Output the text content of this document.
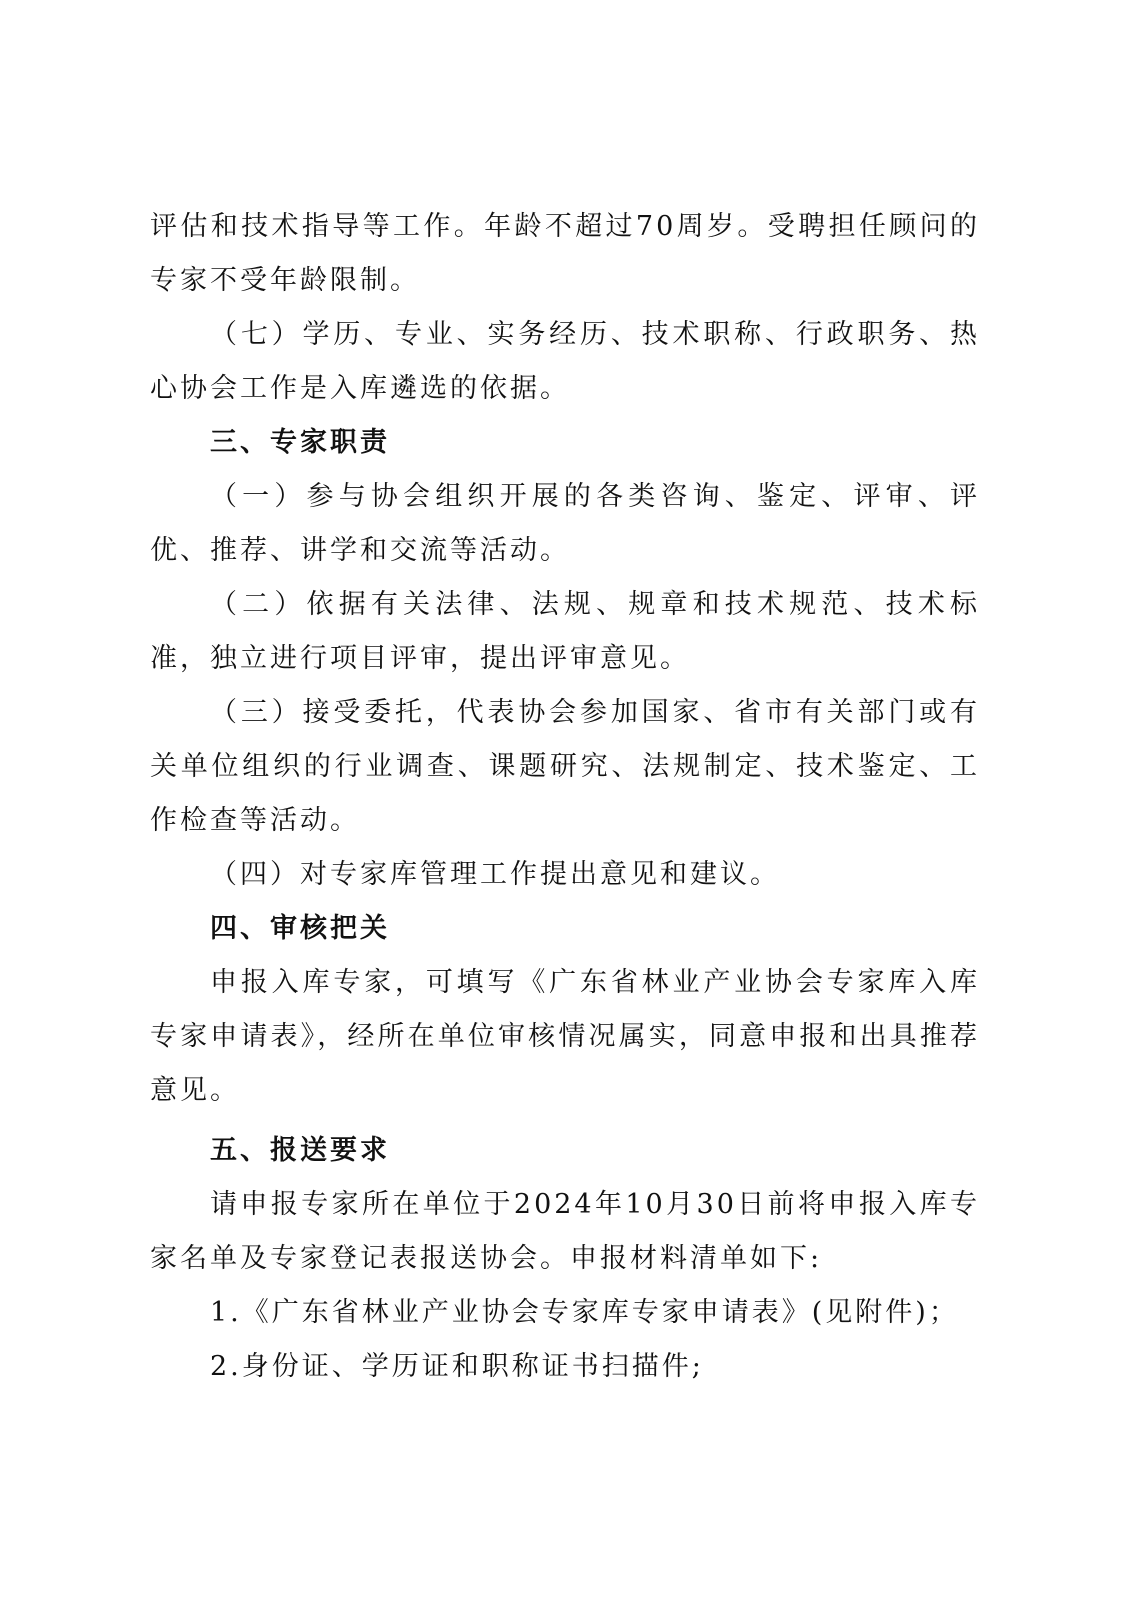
评估和技术指导等工作。年龄不超过70周岁。受聘担任顾问的专家不受年龄限制。

（七）学历、专业、实务经历、技术职称、行政职务、热心协会工作是入库遴选的依据。

三、专家职责

（一）参与协会组织开展的各类咨询、鉴定、评审、评优、推荐、讲学和交流等活动。

（二）依据有关法律、法规、规章和技术规范、技术标准，独立进行项目评审，提出评审意见。

（三）接受委托，代表协会参加国家、省市有关部门或有关单位组织的行业调查、课题研究、法规制定、技术鉴定、工作检查等活动。

（四）对专家库管理工作提出意见和建议。

四、审核把关

申报入库专家，可填写《广东省林业产业协会专家库入库专家申请表》，经所在单位审核情况属实，同意申报和出具推荐意见。

五、报送要求

请申报专家所在单位于2024年10月30日前将申报入库专家名单及专家登记表报送协会。申报材料清单如下:

1.《广东省林业产业协会专家库专家申请表》(见附件)；

2.身份证、学历证和职称证书扫描件;
